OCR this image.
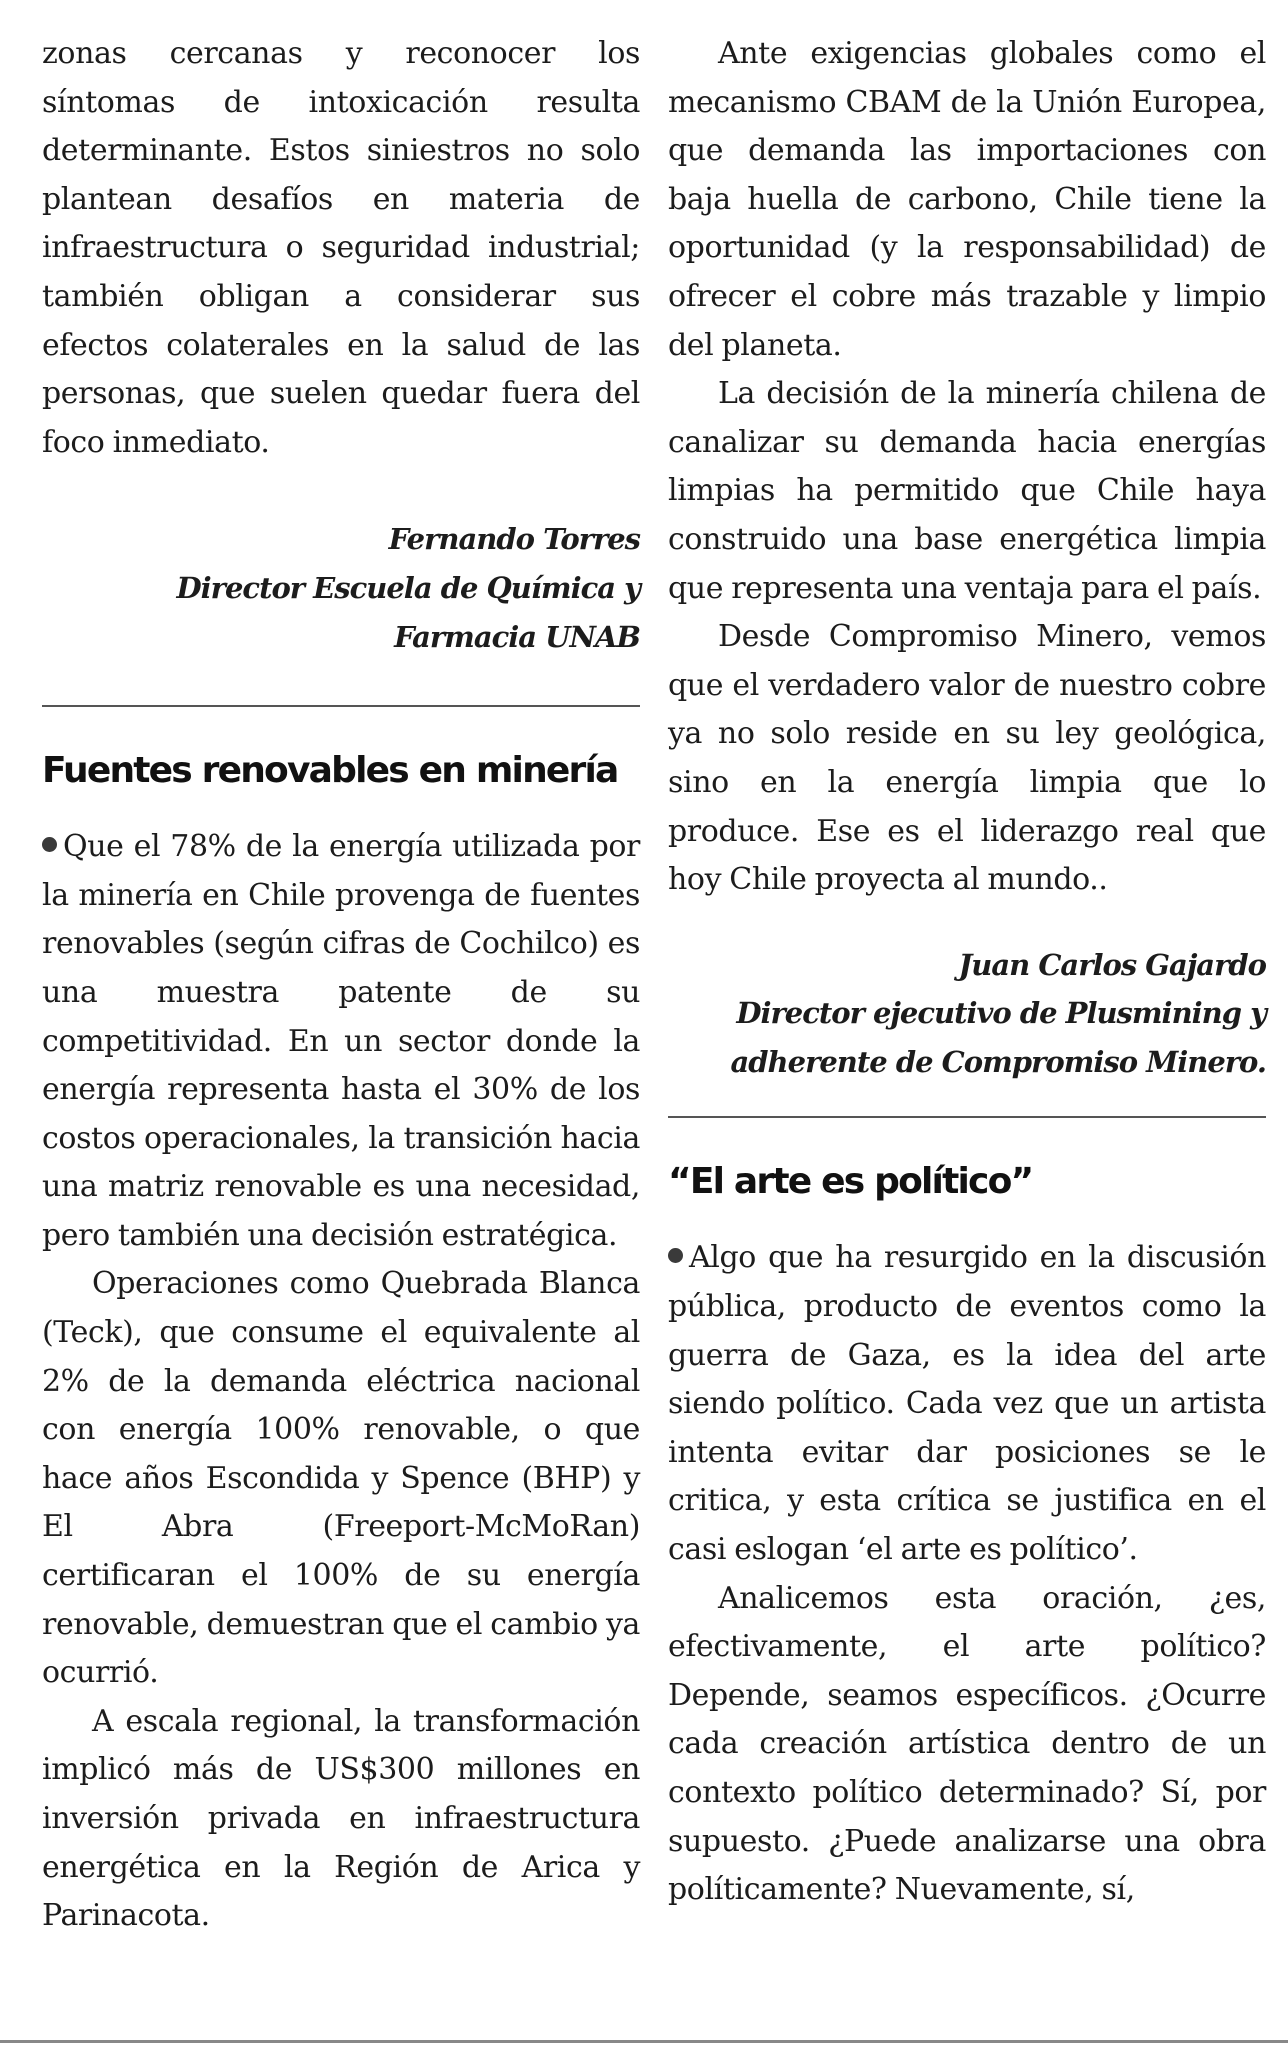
zonas cercanas y reconocer los síntomas de intoxicación resulta determinante. Estos siniestros no solo plantean desafíos en materia de infraestructura o seguridad industrial; también obligan a considerar sus efectos colaterales en la salud de las personas, que suelen quedar fuera del foco inmediato.

Fernando Torres
Director Escuela de Química y
Farmacia UNAB
Fuentes renovables en minería

Que el 78% de la energía utilizada por la minería en Chile provenga de fuentes renovables (según cifras de Cochilco) es una muestra patente de su competitividad. En un sector donde la energía representa hasta el 30% de los costos operacionales, la transición hacia una matriz renovable es una necesidad, pero también una decisión estratégica.

Operaciones como Quebrada Blanca (Teck), que consume el equivalente al 2% de la demanda eléctrica nacional con energía 100% renovable, o que hace años Escondida y Spence (BHP) y El Abra (Freeport-McMoRan) certificaran el 100% de su energía renovable, demuestran que el cambio ya ocurrió.

A escala regional, la transformación implicó más de US$300 millones en inversión privada en infraestructura energética en la Región de Arica y Parinacota.

Ante exigencias globales como el mecanismo CBAM de la Unión Europea, que demanda las importaciones con baja huella de carbono, Chile tiene la oportunidad (y la responsabilidad) de ofrecer el cobre más trazable y limpio del planeta.

La decisión de la minería chilena de canalizar su demanda hacia energías limpias ha permitido que Chile haya construido una base energética limpia que representa una ventaja para el país.

Desde Compromiso Minero, vemos que el verdadero valor de nuestro cobre ya no solo reside en su ley geológica, sino en la energía limpia que lo produce. Ese es el liderazgo real que hoy Chile proyecta al mundo..

Juan Carlos Gajardo
Director ejecutivo de Plusmining y
adherente de Compromiso Minero.
“El arte es político”

Algo que ha resurgido en la discusión pública, producto de eventos como la guerra de Gaza, es la idea del arte siendo político. Cada vez que un artista intenta evitar dar posiciones se le critica, y esta crítica se justifica en el casi eslogan ‘el arte es político’.

Analicemos esta oración, ¿es, efectivamente, el arte político? Depende, seamos específicos. ¿Ocurre cada creación artística dentro de un contexto político determinado? Sí, por supuesto. ¿Puede analizarse una obra políticamente? Nuevamente, sí,
